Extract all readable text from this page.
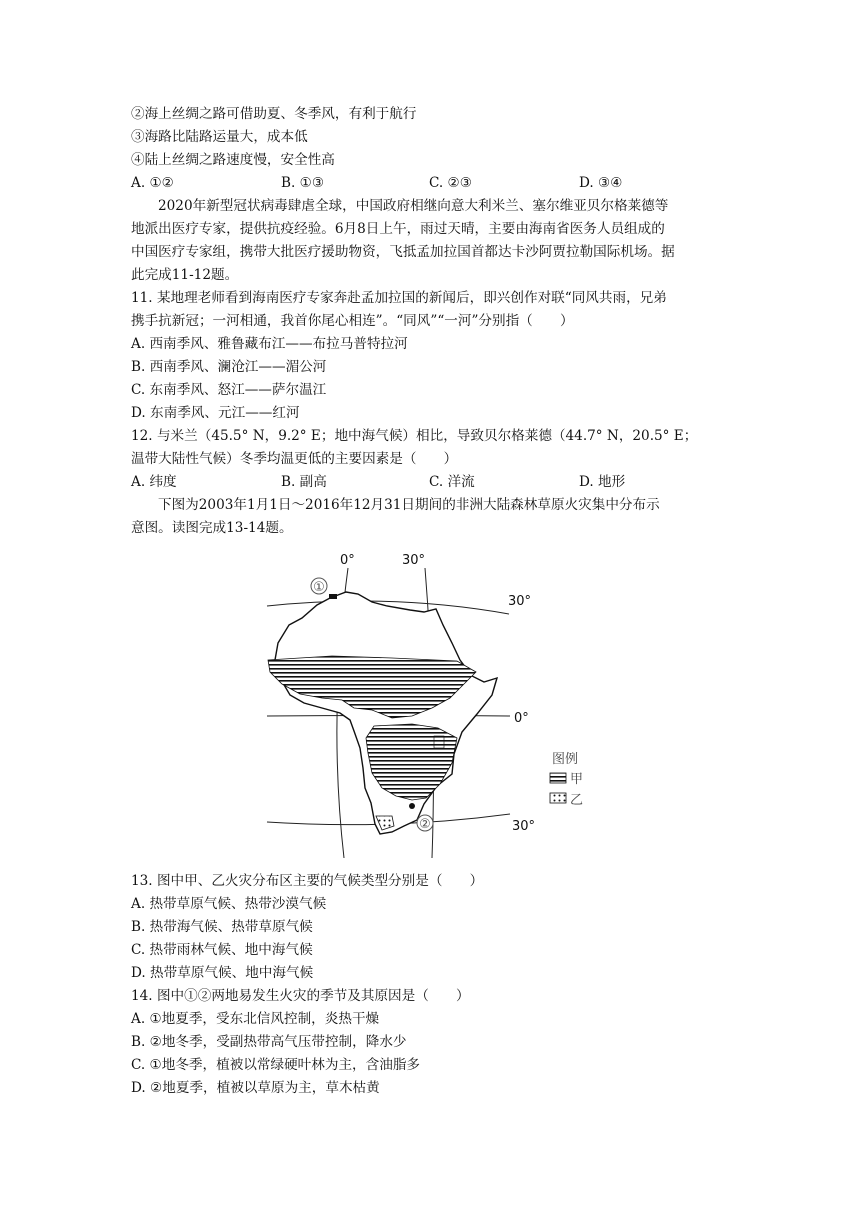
②海上丝绸之路可借助夏、冬季风，有利于航行
③海路比陆路运量大，成本低
④陆上丝绸之路速度慢，安全性高
A. ①②	B. ①③	C. ②③	D. ③④
2020年新型冠状病毒肆虐全球，中国政府相继向意大利米兰、塞尔维亚贝尔格莱德等
地派出医疗专家，提供抗疫经验。6月8日上午，雨过天晴，主要由海南省医务人员组成的
中国医疗专家组，携带大批医疗援助物资，飞抵孟加拉国首都达卡沙阿贾拉勒国际机场。据
此完成11-12题。
11. 某地理老师看到海南医疗专家奔赴孟加拉国的新闻后，即兴创作对联“同风共雨，兄弟
携手抗新冠；一河相通，我首你尾心相连”。“同风”“一河”分别指（　　）
A. 西南季风、雅鲁藏布江——布拉马普特拉河
B. 西南季风、澜沧江——湄公河
C. 东南季风、怒江——萨尔温江
D. 东南季风、元江——红河
12. 与米兰（45.5° N，9.2° E；地中海气候）相比，导致贝尔格莱德（44.7° N，20.5° E；
温带大陆性气候）冬季均温更低的主要因素是（　　）
A. 纬度	B. 副高	C. 洋流	D. 地形
下图为2003年1月1日～2016年12月31日期间的非洲大陆森林草原火灾集中分布示
意图。读图完成13-14题。
①
②
0°	30°
30°
0°
30°
图例
甲
乙
13. 图中甲、乙火灾分布区主要的气候类型分别是（　　）
A. 热带草原气候、热带沙漠气候
B. 热带海气候、热带草原气候
C. 热带雨林气候、地中海气候
D. 热带草原气候、地中海气候
14. 图中①②两地易发生火灾的季节及其原因是（　　）
A. ①地夏季，受东北信风控制，炎热干燥
B. ②地冬季，受副热带高气压带控制，降水少
C. ①地冬季，植被以常绿硬叶林为主，含油脂多
D. ②地夏季，植被以草原为主，草木枯黄
